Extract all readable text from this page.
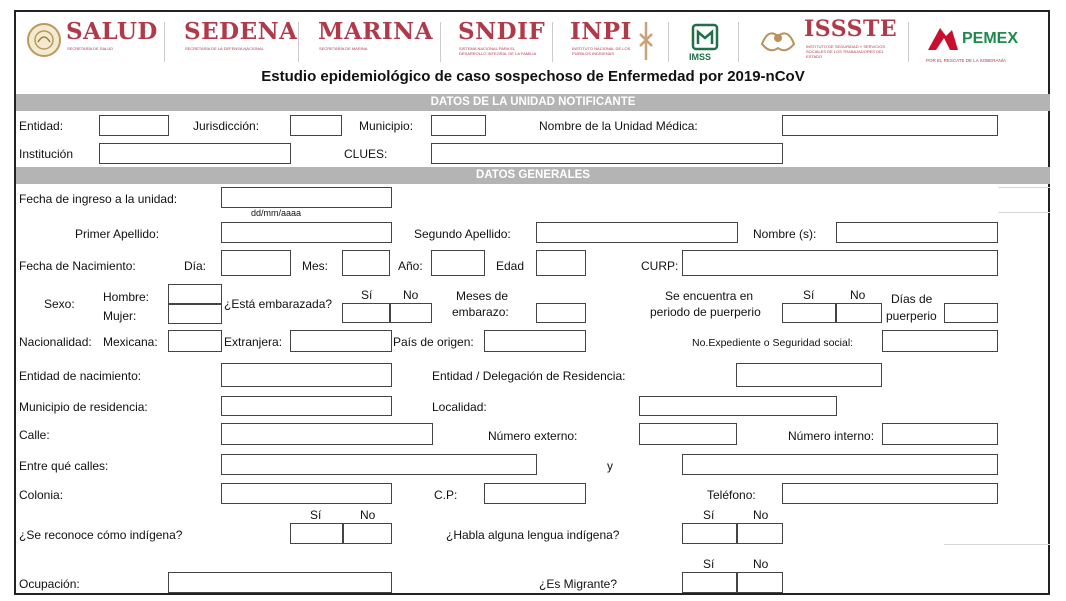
SALUD
SECRETARÍA DE SALUD
SEDENA
SECRETARÍA DE LA DEFENSA NACIONAL
MARINA
SECRETARÍA DE MARINA
SNDIF
SISTEMA NACIONAL PARA EL DESARROLLO INTEGRAL DE LA FAMILIA
INPI
INSTITUTO NACIONAL DE LOS PUEBLOS INDÍGENAS	IMSS
ISSSTE
INSTITUTO DE SEGURIDAD Y SERVICIOS SOCIALES DE LOS TRABAJADORES DEL ESTADO
PEMEX
POR EL RESCATE DE LA SOBERANÍA
Estudio epidemiológico de caso sospechoso de Enfermedad por 2019-nCoV
DATOS DE LA UNIDAD NOTIFICANTE
Entidad:	Jurisdicción:	Municipio:	Nombre de la Unidad Médica:
Institución	CLUES:
DATOS GENERALES
Fecha de ingreso a la unidad:
dd/mm/aaaa
Primer Apellido:	Segundo Apellido:	Nombre (s):
Fecha de Nacimiento:	Día:	Mes:	Año:	Edad	CURP:
Sexo: Hombre:
Mujer:
¿Está embarazada?
Sí	No	Meses de
embarazo:
Se encuentra en
periodo de puerperio
Sí	No Días de
puerperio
Nacionalidad: Mexicana:	Extranjera:	País de origen:	No.Expediente o Seguridad social:
Entidad de nacimiento:	Entidad / Delegación de Residencia:
Municipio de residencia:	Localidad:
Calle:	Número externo:	Número interno:
Entre qué calles:	y
Colonia:	C.P:	Teléfono:
Sí	No
¿Se reconoce cómo indígena?
Sí	No
¿Habla alguna lengua indígena?
Sí	No
Ocupación:	¿Es Migrante?
